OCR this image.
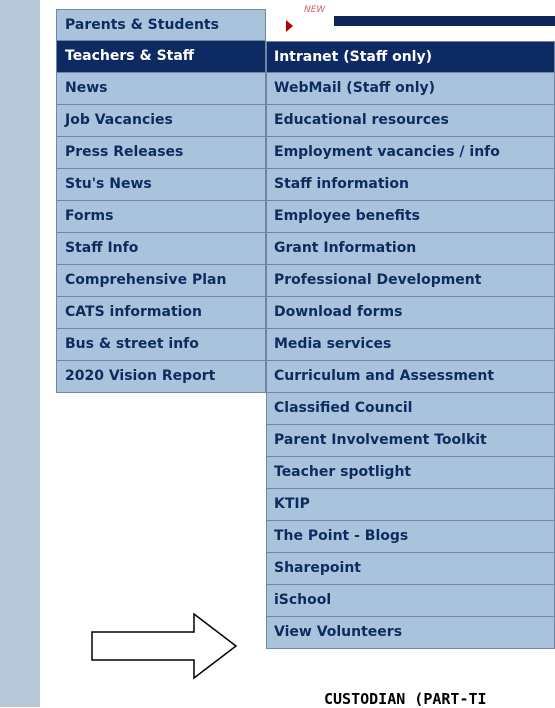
NEW
Parents & Students
Teachers & Staff
News
Job Vacancies
Press Releases
Stu's News
Forms
Staff Info
Comprehensive Plan
CATS information
Bus & street info
2020 Vision Report
Intranet (Staff only)
WebMail (Staff only)
Educational resources
Employment vacancies / info
Staff information
Employee benefits
Grant Information
Professional Development
Download forms
Media services
Curriculum and Assessment
Classified Council
Parent Involvement Toolkit
Teacher spotlight
KTIP
The Point - Blogs
Sharepoint
iSchool
View Volunteers
CUSTODIAN (PART-TI
